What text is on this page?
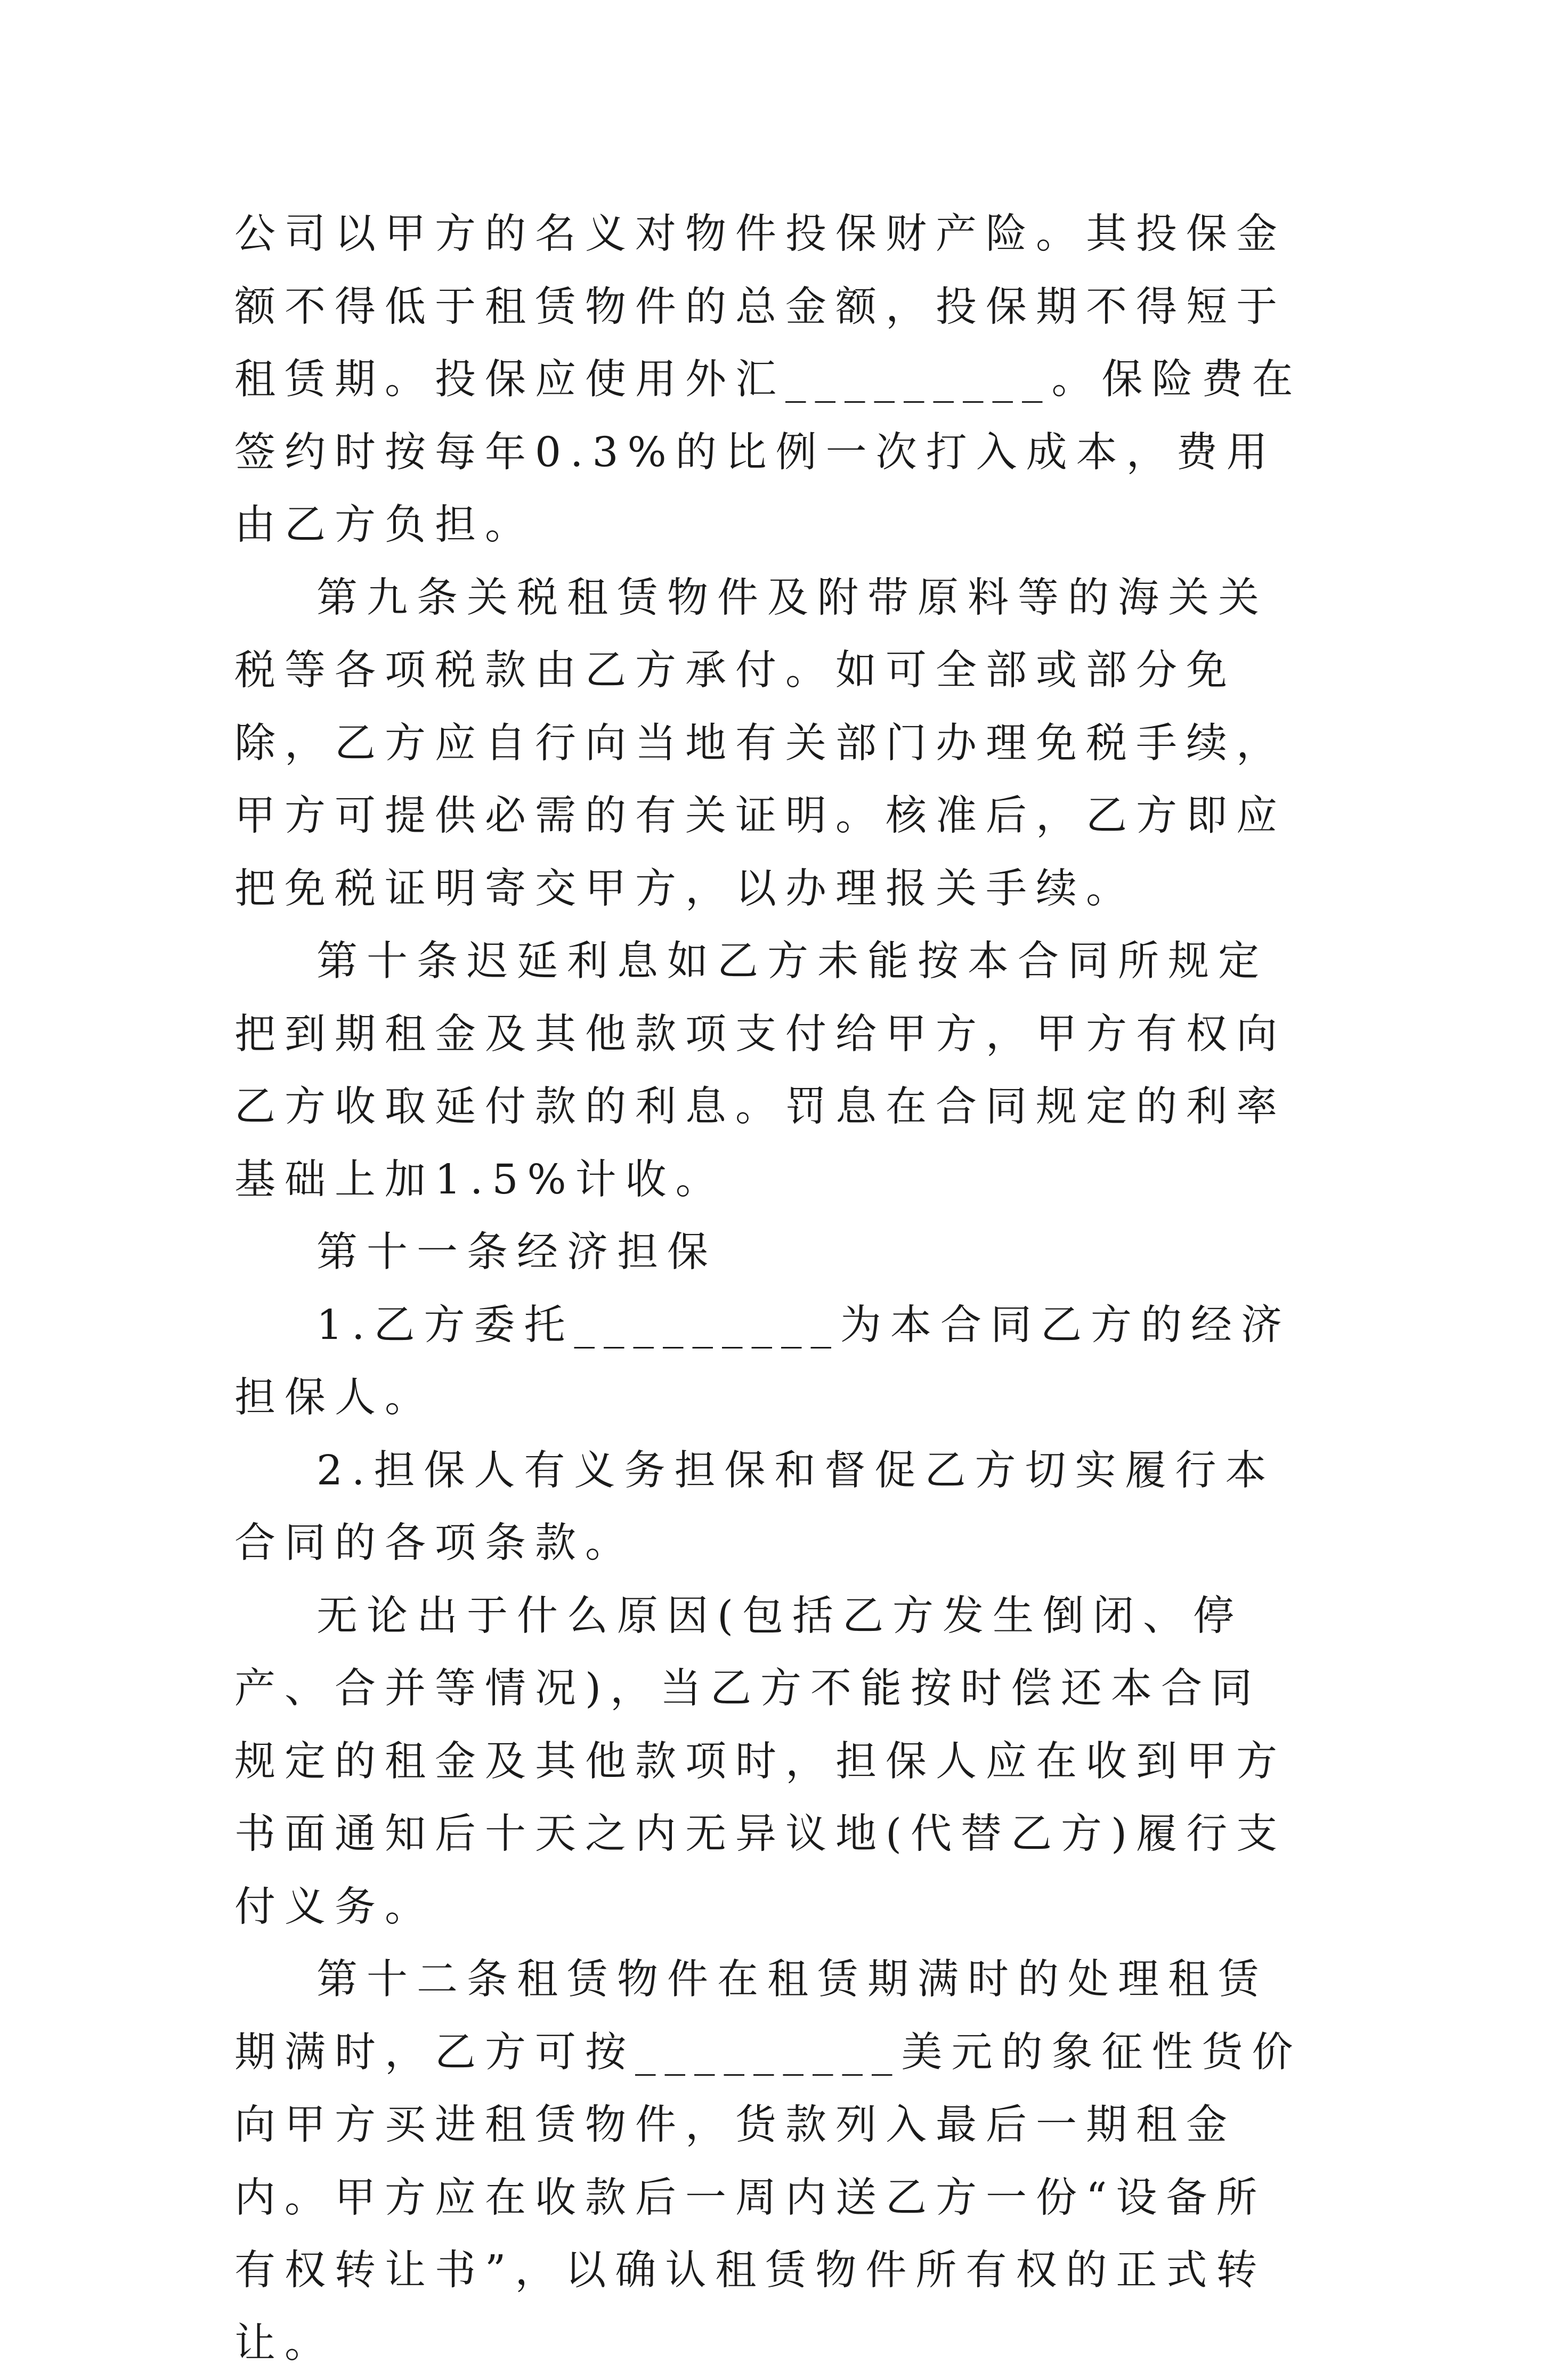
公司以甲方的名义对物件投保财产险。其投保金额不得低于租赁物件的总金额，投保期不得短于租赁期。投保应使用外汇_________。保险费在签约时按每年0.3%的比例一次打入成本，费用由乙方负担。

第九条关税租赁物件及附带原料等的海关关税等各项税款由乙方承付。如可全部或部分免除，乙方应自行向当地有关部门办理免税手续，甲方可提供必需的有关证明。核准后，乙方即应把免税证明寄交甲方，以办理报关手续。

第十条迟延利息如乙方未能按本合同所规定把到期租金及其他款项支付给甲方，甲方有权向乙方收取延付款的利息。罚息在合同规定的利率基础上加1.5%计收。

第十一条经济担保

1.乙方委托_________为本合同乙方的经济担保人。

2.担保人有义务担保和督促乙方切实履行本合同的各项条款。

无论出于什么原因(包括乙方发生倒闭、停产、合并等情况)，当乙方不能按时偿还本合同规定的租金及其他款项时，担保人应在收到甲方书面通知后十天之内无异议地(代替乙方)履行支付义务。

第十二条租赁物件在租赁期满时的处理租赁期满时，乙方可按_________美元的象征性货价向甲方买进租赁物件，货款列入最后一期租金内。甲方应在收款后一周内送乙方一份“设备所有权转让书”，以确认租赁物件所有权的正式转让。
